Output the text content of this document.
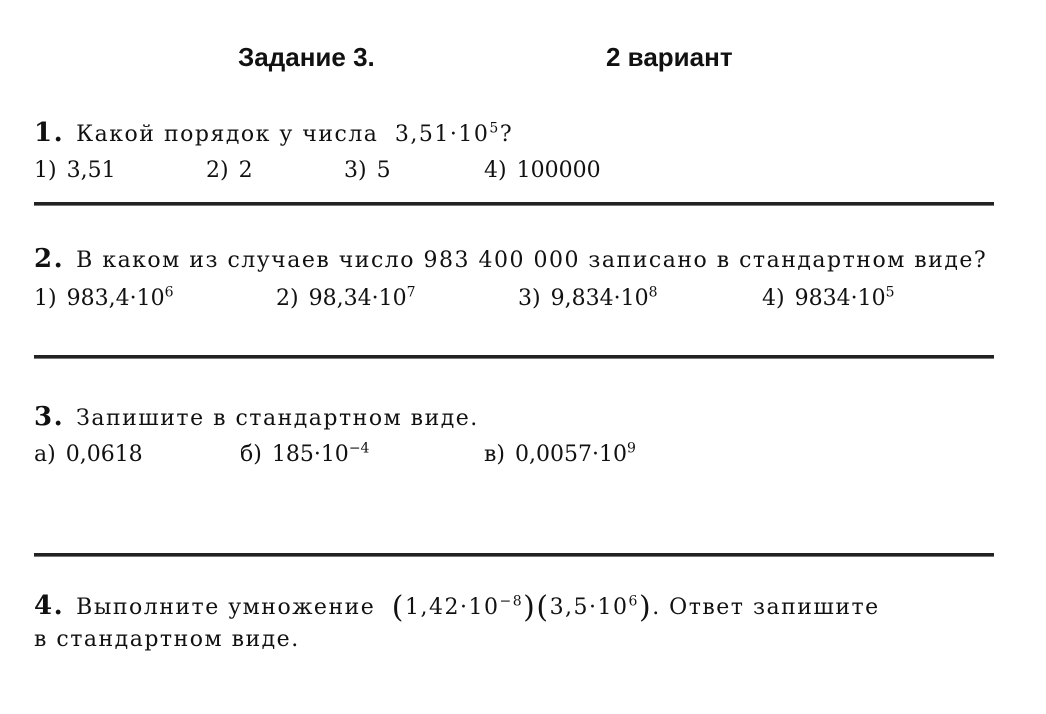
Задание 3.	2 вариант
1. Какой порядок у числа $3,51\cdot 10^5$?
1) 3,51	2) 2	3) 5	4) 100000
2. В каком из случаев число 983 400 000 записано в стандартном виде?
1) $983,4\cdot 10^6$	2) $98,34\cdot 10^7$	3) $9,834\cdot 10^8$	4) $9834\cdot 10^5$
3. Запишите в стандартном виде.
а) 0,0618	б) $185\cdot 10^{-4}$	в) $0,0057\cdot 10^9$
4. Выполните умножение $(1,42\cdot 10^{-8})(3,5\cdot 10^6)$. Ответ запишите
в стандартном виде.
